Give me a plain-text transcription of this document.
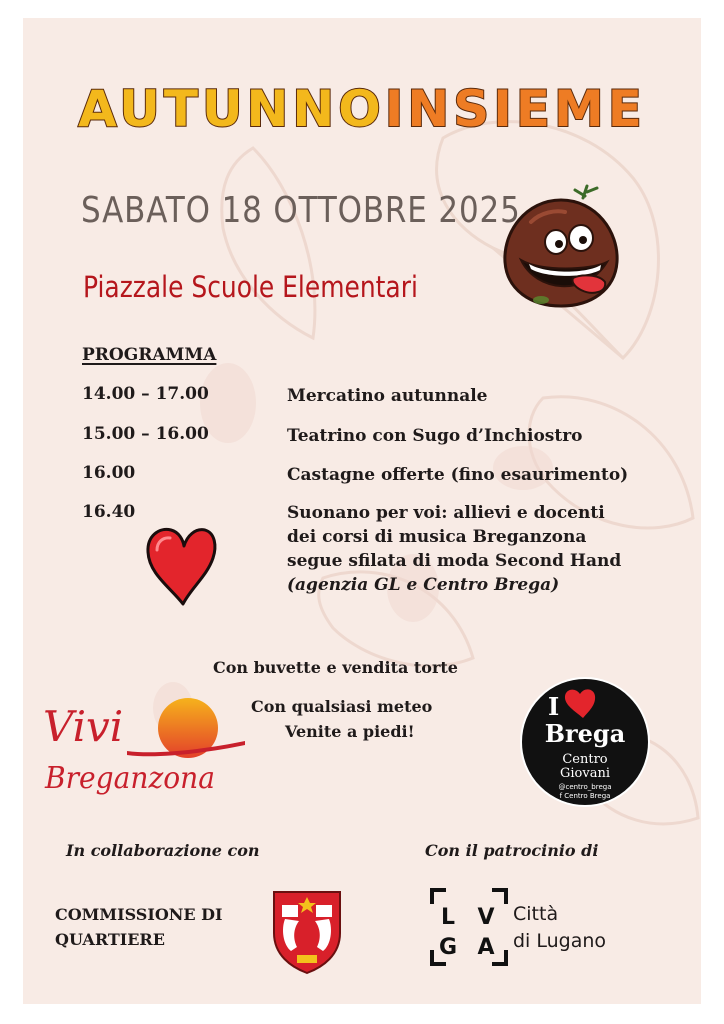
AUTUNNOINSIEME
SABATO 18 OTTOBRE 2025
Piazzale Scuole Elementari
PROGRAMMA
14.00 – 17.00	Mercatino autunnale
15.00 – 16.00	Teatrino con Sugo d’Inchiostro
16.00	Castagne offerte (fino esaurimento)
16.40	Suonano per voi: allievi e docenti
dei corsi di musica Breganzona
segue sfilata di moda Second Hand
(agenzia GL e Centro Brega)
Con buvette e vendita torte
Con qualsiasi meteo
Venite a piedi!
Vivi
Breganzona
I
Brega
Centro
Giovani
@centro_brega
f Centro Brega
In collaborazione con	Con il patrocinio di
COMMISSIONE DI
QUARTIERE
L V
G A
Città
di Lugano
